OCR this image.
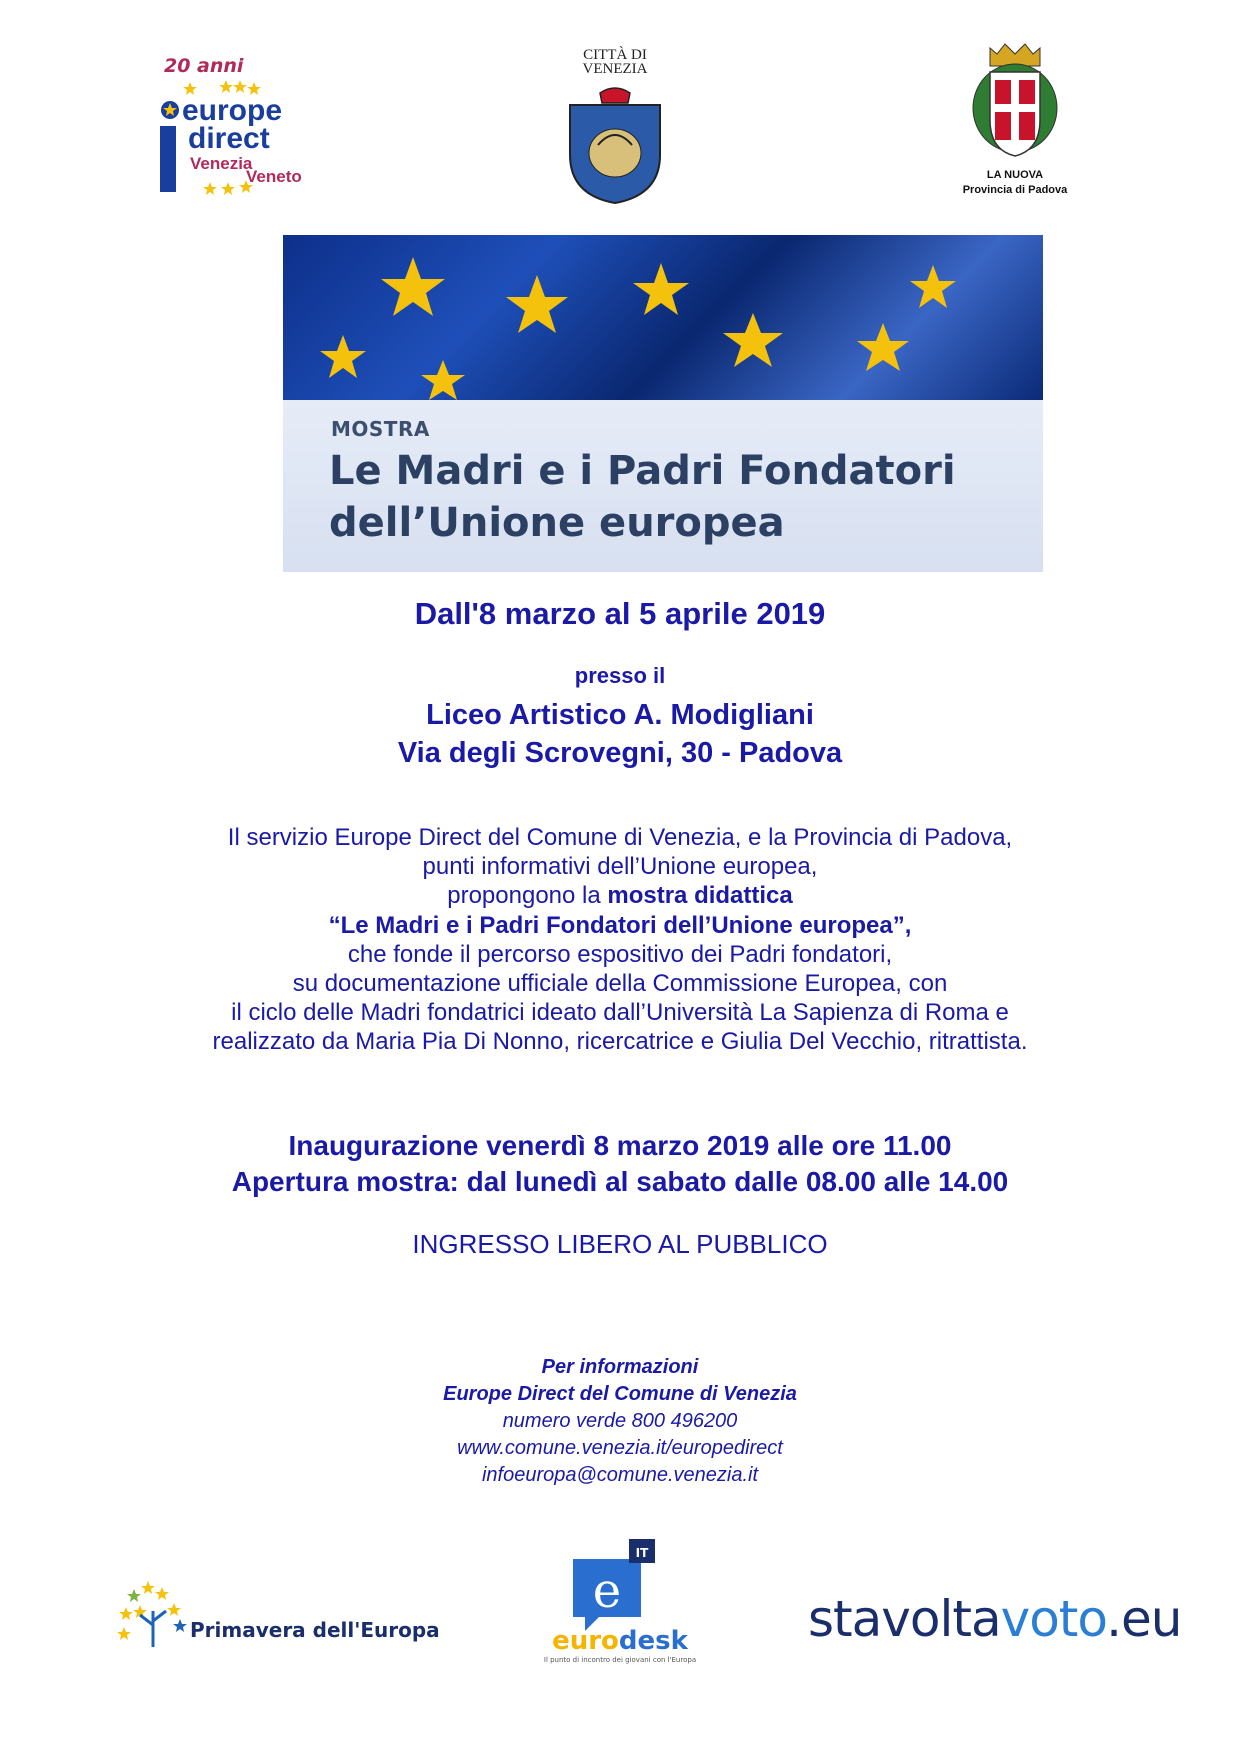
20 anni
europe
direct
Venezia
Veneto
CITTÀ DI
VENEZIA
LA NUOVA
Provincia di Padova
MOSTRA
Le Madri e i Padri Fondatori
dell’Unione europea
Dall'8 marzo al 5 aprile 2019
presso il
Liceo Artistico A. Modigliani
Via degli Scrovegni, 30 - Padova
Il servizio Europe Direct del Comune di Venezia, e la Provincia di Padova,
punti informativi dell’Unione europea,
propongono la mostra didattica
“Le Madri e i Padri Fondatori dell’Unione europea”,
che fonde il percorso espositivo dei Padri fondatori,
su documentazione ufficiale della Commissione Europea, con
il ciclo delle Madri fondatrici ideato dall’Università La Sapienza di Roma e
realizzato da Maria Pia Di Nonno, ricercatrice e Giulia Del Vecchio, ritrattista.
Inaugurazione venerdì 8 marzo 2019 alle ore 11.00
Apertura mostra: dal lunedì al sabato dalle 08.00 alle 14.00
INGRESSO LIBERO AL PUBBLICO
Per informazioni
Europe Direct del Comune di Venezia
numero verde 800 496200
www.comune.venezia.it/europedirect
infoeuropa@comune.venezia.it
Primavera dell'Europa
IT
e
eurodesk
Il punto di incontro dei giovani con l'Europa
stavoltavoto.eu
